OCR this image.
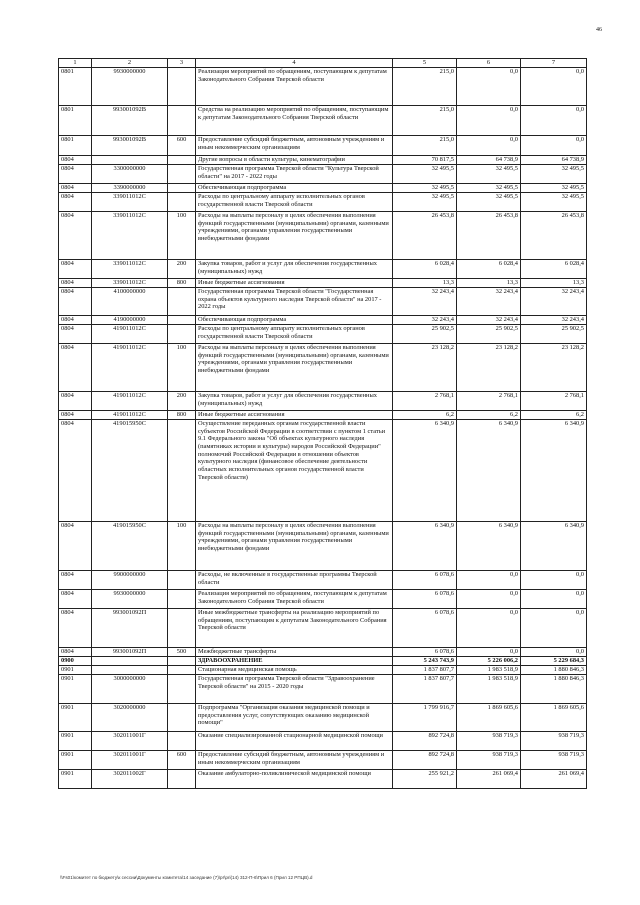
46
1	2	3	4	5	6	7
0801	9930000000		Реализация мероприятий по обращениям, поступающим к депутатам Законодательного Собрания Тверской области	215,0	0,0	0,0
0801	993001092В		Средства на реализацию мероприятий по обращениям, поступающим к депутатам Законодательного Собрания Тверской области	215,0	0,0	0,0
0801	993001092В	600	Предоставление субсидий бюджетным, автономным учреждениям и иным некоммерческим организациям	215,0	0,0	0,0
0804			Другие вопросы в области культуры, кинематографии	70 817,5	64 738,9	64 738,9
0804	3300000000		Государственная программа Тверской области "Культура Тверской области" на 2017 - 2022 годы	32 495,5	32 495,5	32 495,5
0804	3390000000		Обеспечивающая подпрограмма	32 495,5	32 495,5	32 495,5
0804	339011012С		Расходы по центральному аппарату исполнительных органов государственной власти Тверской области	32 495,5	32 495,5	32 495,5
0804	339011012С	100	Расходы на выплаты персоналу в целях обеспечения выполнения функций государственными (муниципальными) органами, казенными учреждениями, органами управления государственными внебюджетными фондами	26 453,8	26 453,8	26 453,8
0804	339011012С	200	Закупка товаров, работ и услуг для обеспечения государственных (муниципальных) нужд	6 028,4	6 028,4	6 028,4
0804	339011012С	800	Иные бюджетные ассигнования	13,3	13,3	13,3
0804	4100000000		Государственная программа Тверской области "Государственная охрана объектов культурного наследия Тверской области" на 2017 - 2022 годы	32 243,4	32 243,4	32 243,4
0804	4190000000		Обеспечивающая подпрограмма	32 243,4	32 243,4	32 243,4
0804	419011012С		Расходы по центральному аппарату исполнительных органов государственной власти Тверской области	25 902,5	25 902,5	25 902,5
0804	419011012С	100	Расходы на выплаты персоналу в целях обеспечения выполнения функций государственными (муниципальными) органами, казенными учреждениями, органами управления государственными внебюджетными фондами	23 128,2	23 128,2	23 128,2
0804	419011012С	200	Закупка товаров, работ и услуг для обеспечения государственных (муниципальных) нужд	2 768,1	2 768,1	2 768,1
0804	419011012С	800	Иные бюджетные ассигнования	6,2	6,2	6,2
0804	419015950С		Осуществление переданных органам государственной власти субъектов Российской Федерации в соответствии с пунктом 1 статьи 9.1 Федерального закона "Об объектах культурного наследия (памятниках истории и культуры) народов Российской Федерации" полномочий Российской Федерации в отношении объектов культурного наследия (финансовое обеспечение деятельности областных исполнительных органов государственной власти Тверской области)	6 340,9	6 340,9	6 340,9
0804	419015950С	100	Расходы на выплаты персоналу в целях обеспечения выполнения функций государственными (муниципальными) органами, казенными учреждениями, органами управления государственными внебюджетными фондами	6 340,9	6 340,9	6 340,9
0804	9900000000		Расходы, не включенные в государственные программы Тверской области	6 078,6	0,0	0,0
0804	9930000000		Реализация мероприятий по обращениям, поступающим к депутатам Законодательного Собрания Тверской области	6 078,6	0,0	0,0
0804	993001092П		Иные межбюджетные трансферты на реализацию мероприятий по обращениям, поступающим к депутатам Законодательного Собрания Тверской области	6 078,6	0,0	0,0
0804	993001092П	500	Межбюджетные трансферты	6 078,6	0,0	0,0
0900			ЗДРАВООХРАНЕНИЕ	5 243 743,9	5 226 006,2	5 229 684,3
0901			Стационарная медицинская помощь	1 837 807,7	1 983 518,9	1 880 846,3
0901	3000000000		Государственная программа Тверской области "Здравоохранение Тверской области" на 2015 - 2020 годы	1 837 807,7	1 983 518,9	1 880 846,3
0901	3020000000		Подпрограмма "Организация оказания медицинской помощи и предоставления услуг, сопутствующих оказанию медицинской помощи"	1 799 916,7	1 869 605,6	1 869 605,6
0901	302011001Г		Оказание специализированной стационарной медицинской помощи	892 724,8	938 719,3	938 719,3
0901	302011001Г	600	Предоставление субсидий бюджетным, автономным учреждениям и иным некоммерческим организациям	892 724,8	938 719,3	938 719,3
0901	302011002Г		Оказание амбулаторно-поликлинической медицинской помощи	255 921,2	261 069,4	261 069,4
\\Fs01\комитет по бюджету\к сессии\Документы комитета\14 заседание (7)\pr\pri(14) 312-П-6\Прил 6 (Прил 12 РПЦВ).d
